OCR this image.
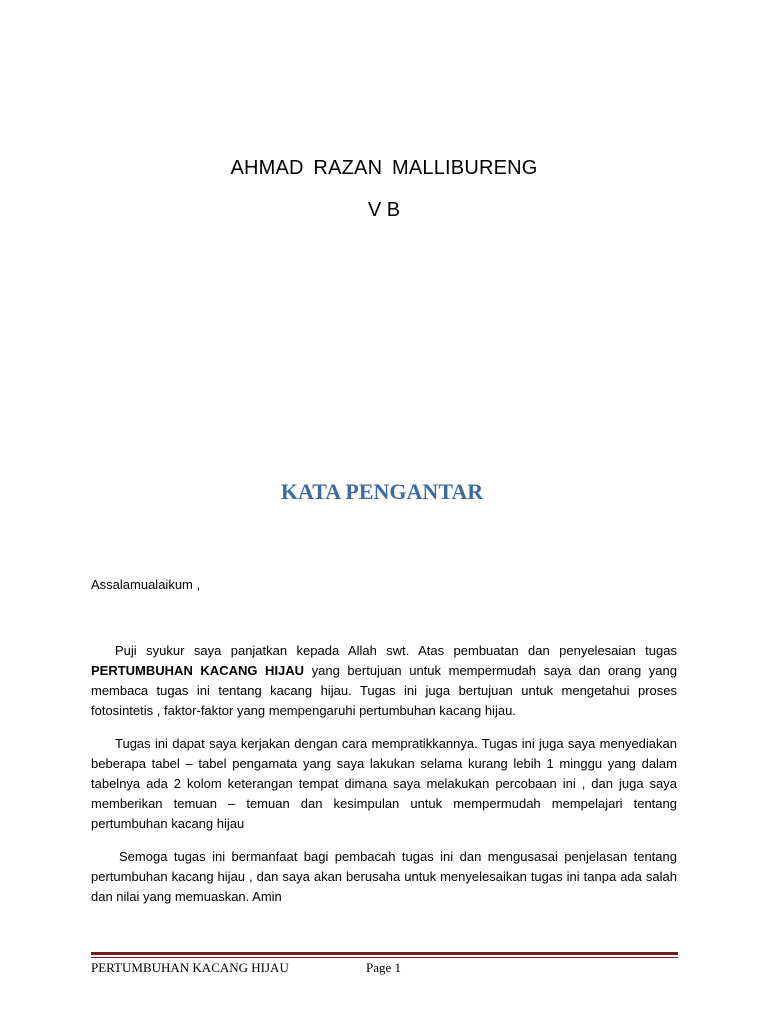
AHMAD RAZAN MALLIBURENG
V B
KATA PENGANTAR
Assalamualaikum ,

Puji syukur saya panjatkan kepada Allah swt. Atas pembuatan dan penyelesaian tugas PERTUMBUHAN KACANG HIJAU yang bertujuan untuk mempermudah saya dan orang yang membaca tugas ini tentang kacang hijau. Tugas ini juga bertujuan untuk mengetahui proses fotosintetis , faktor-faktor yang mempengaruhi pertumbuhan kacang hijau.

Tugas ini dapat saya kerjakan dengan cara mempratikkannya. Tugas ini juga saya menyediakan beberapa tabel – tabel pengamata yang saya lakukan selama kurang lebih 1 minggu yang dalam tabelnya ada 2 kolom keterangan tempat dimana saya melakukan percobaan ini , dan juga saya memberikan temuan – temuan dan kesimpulan untuk mempermudah mempelajari tentang pertumbuhan kacang hijau

Semoga tugas ini bermanfaat bagi pembacah tugas ini dan mengusasai penjelasan tentang pertumbuhan kacang hijau , dan saya akan berusaha untuk menyelesaikan tugas ini tanpa ada salah dan nilai yang memuaskan. Amin

PERTUMBUHAN KACANG HIJAU	Page 1
